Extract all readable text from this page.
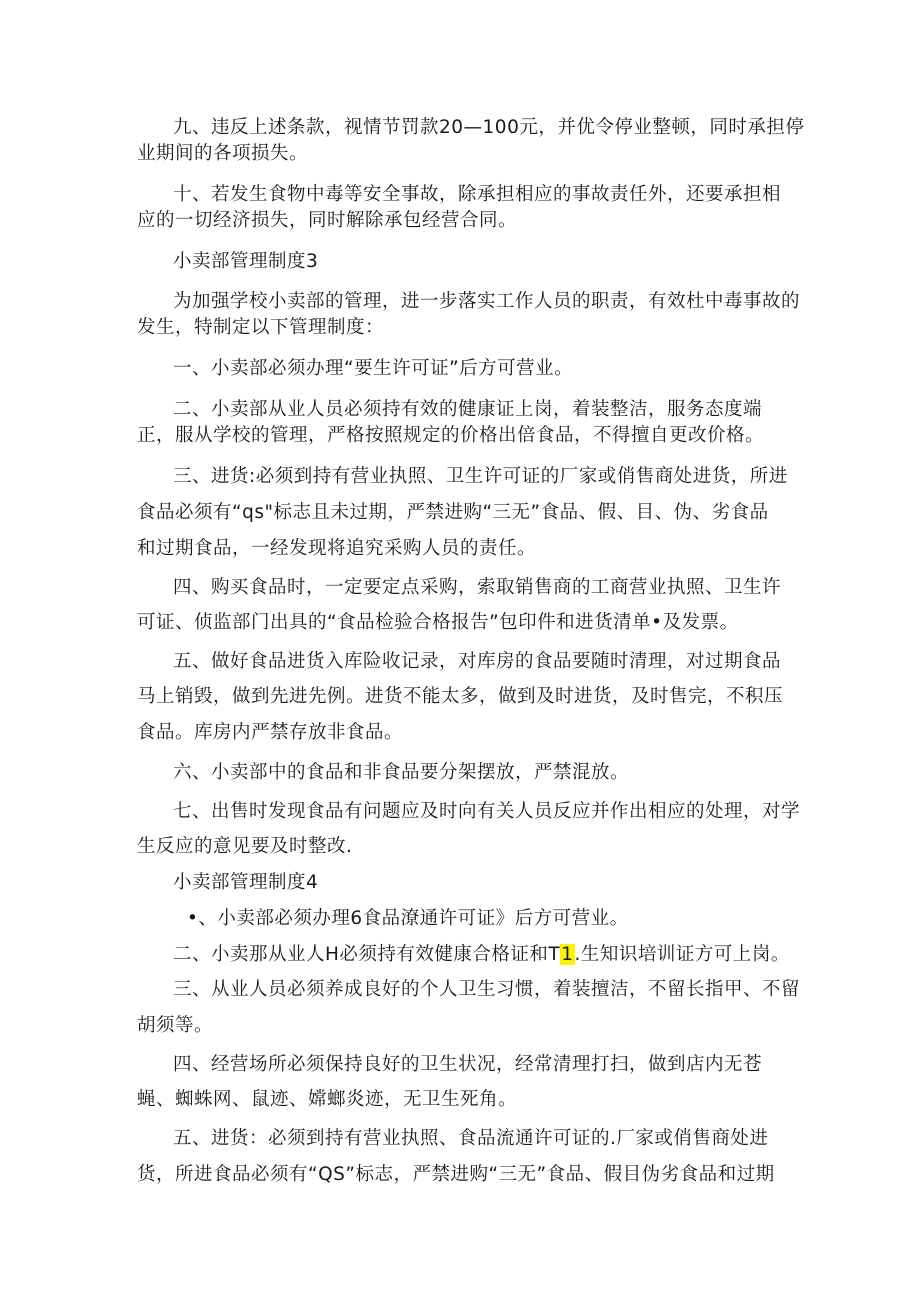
九、违反上述条款，视情节罚款20—100元，并优令停业整顿，同时承担停
业期间的各项损失。
十、若发生食物中毒等安全事故，除承担相应的事故责任外，还要承担相
应的一切经济损失，同时解除承包经营合同。
小卖部管理制度3
为加强学校小卖部的管理，进一步落实工作人员的职责，有效杜中毒事故的
发生，特制定以下管理制度：
一、小卖部必须办理“要生许可证”后方可营业。
二、小卖部从业人员必须持有效的健康证上岗，着装整洁，服务态度端
正，服从学校的管理，严格按照规定的价格出倍食品，不得擅自更改价格。
三、进货:必须到持有营业执照、卫生许可证的厂家或俏售商处进货，所进
食品必须有“qs"标志且未过期，严禁进购“三无”食品、假、目、伪、劣食品
和过期食品，一经发现将追究采购人员的责任。
四、购买食品时，一定要定点采购，索取销售商的工商营业执照、卫生许
可证、侦监部门出具的“食品检验合格报告”包印件和进货清单•及发票。
五、做好食品进货入库险收记录，对库房的食品要随时清理，对过期食品
马上销毁，做到先进先例。进货不能太多，做到及时进货，及时售完，不积压
食品。库房内严禁存放非食品。
六、小卖部中的食品和非食品要分架摆放，严禁混放。
七、出售时发现食品有问题应及时向有关人员反应并作出相应的处理，对学
生反应的意见要及时整改.
小卖部管理制度4
•、小卖部必须办理6食品潦通许可证》后方可营业。
二、小卖那从业人H必须持有效健康合格证和T1.生知识培训证方可上岗。
三、从业人员必须养成良好的个人卫生习惯，着装擅洁，不留长指甲、不留
胡须等。
四、经营场所必须保持良好的卫生状况，经常清理打扫，做到店内无苍
蝇、蜘蛛网、鼠迹、嫦螂炎迹，无卫生死角。
五、进货：必须到持有营业执照、食品流通许可证的.厂家或俏售商处进
货，所进食品必须有“QS”标志，严禁进购“三无”食品、假目伪劣食品和过期
